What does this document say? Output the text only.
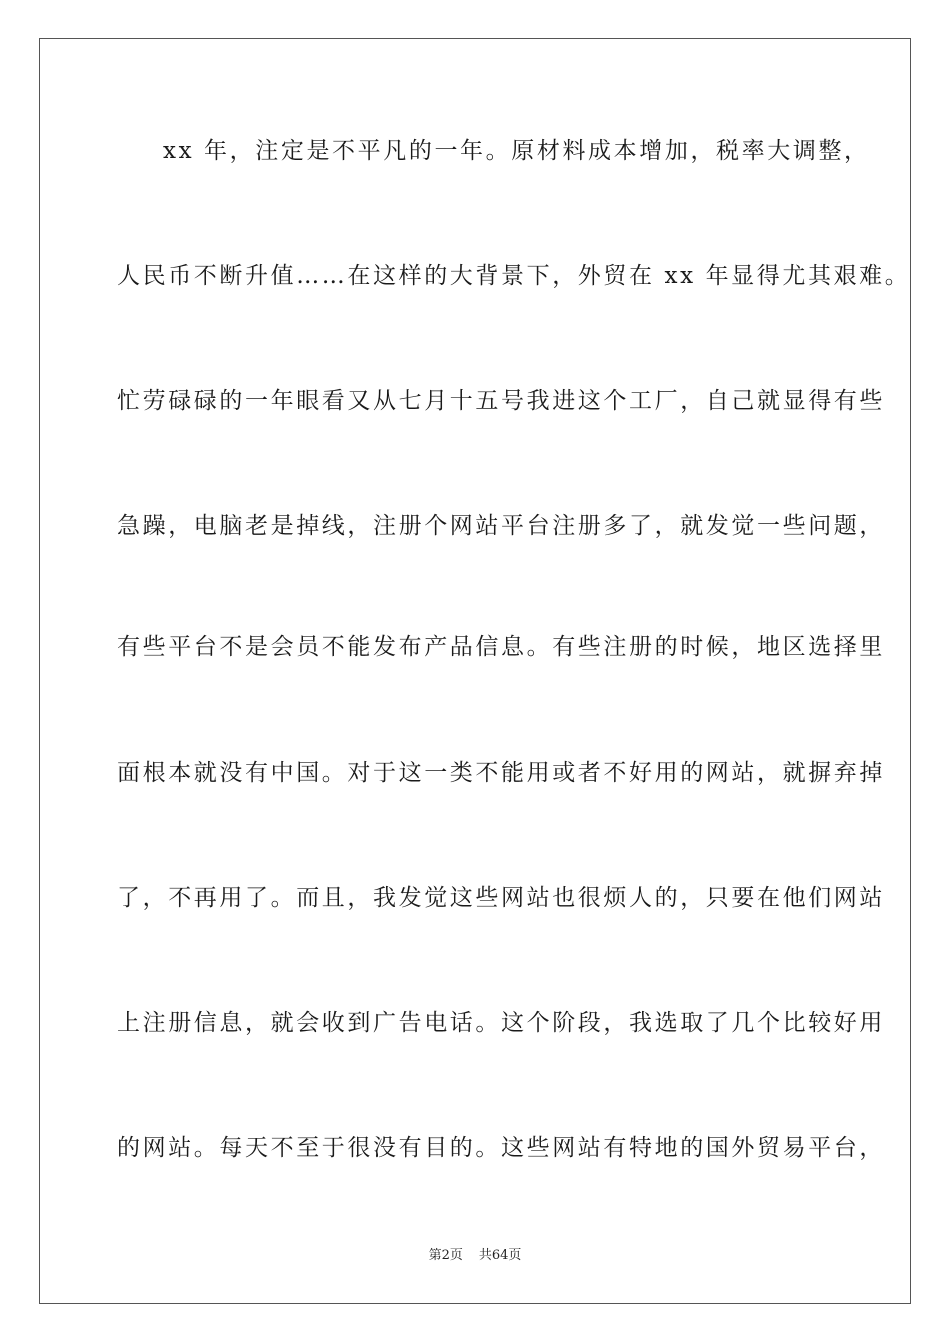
xx 年，注定是不平凡的一年。原材料成本增加，税率大调整，
人民币不断升值……在这样的大背景下，外贸在 xx 年显得尤其艰难。
忙劳碌碌的一年眼看又从七月十五号我进这个工厂，自己就显得有些
急躁，电脑老是掉线，注册个网站平台注册多了，就发觉一些问题，
有些平台不是会员不能发布产品信息。有些注册的时候，地区选择里
面根本就没有中国。对于这一类不能用或者不好用的网站，就摒弃掉
了，不再用了。而且，我发觉这些网站也很烦人的，只要在他们网站
上注册信息，就会收到广告电话。这个阶段，我选取了几个比较好用
的网站。每天不至于很没有目的。这些网站有特地的国外贸易平台，
第2页 共64页
